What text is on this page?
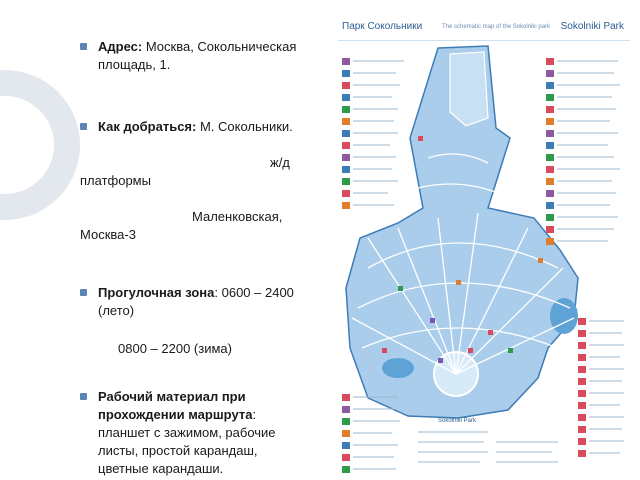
Адрес: Москва, Сокольническая
площадь, 1.
Как добраться: М. Сокольники.
ж/д
платформы
Маленковская,
Москва-3
Прогулочная зона: 0600 – 2400
(лето)
0800 – 2200 (зима)
Рабочий материал при
прохождении маршрута:
планшет с зажимом, рабочие
листы, простой карандаш,
цветные карандаши.
Парк Сокольники	The schematic map of the Sokolniki park Sokolniki Park
Sokolniki Park
